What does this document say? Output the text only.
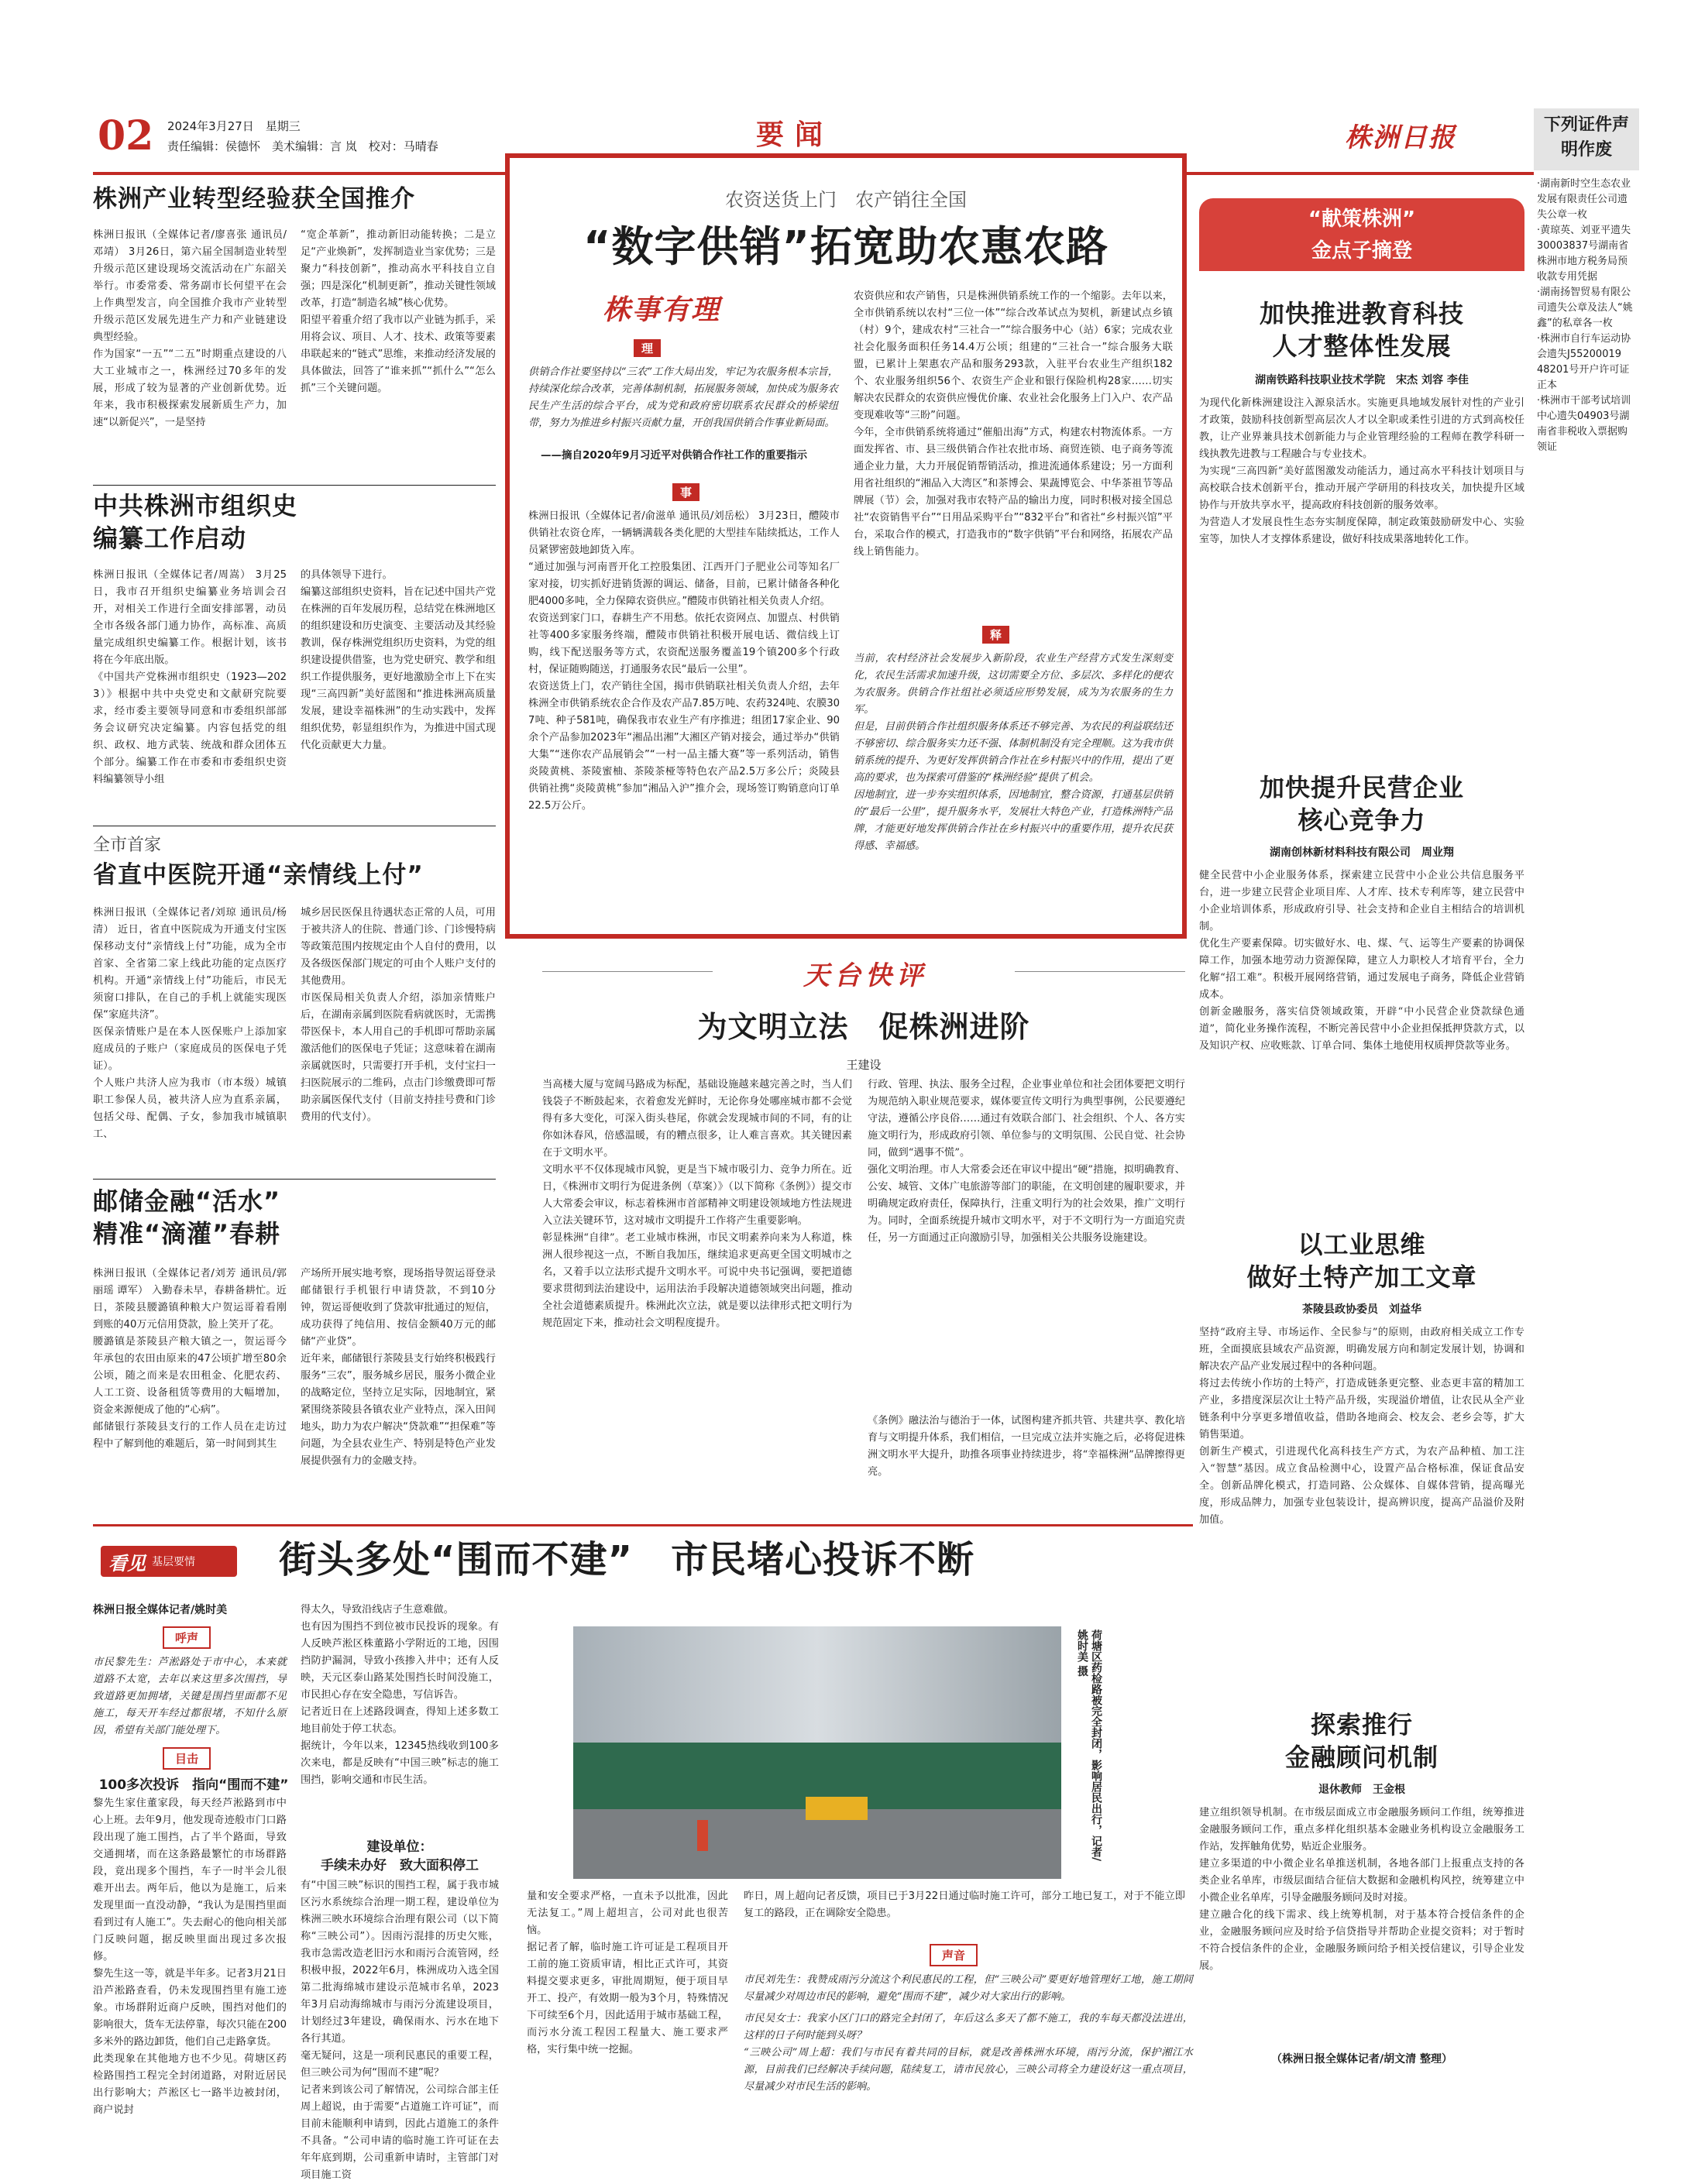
02 2024年3月27日　星期三
责任编辑：侯德怀　美术编辑：言 岚　校对：马晴春	要闻	株洲日报	下列证件声明作废
·湖南新时空生态农业发展有限责任公司遗失公章一枚
·黄琼英、刘亚平遗失30003837号湖南省株洲市地方税务局预收款专用凭据
·湖南扬智贸易有限公司遗失公章及法人“姚鑫”的私章各一枚
·株洲市自行车运动协会遗失J55200019 48201号开户许可证正本
·株洲市干部考试培训中心遗失04903号湖南省非税收入票据购领证
株洲产业转型经验获全国推介
株洲日报讯（全媒体记者/廖喜张 通讯员/邓靖） 3月26日，第六届全国制造业转型升级示范区建设现场交流活动在广东韶关举行。市委常委、常务副市长何望平在会上作典型发言，向全国推介我市产业转型升级示范区发展先进生产力和产业链建设典型经验。
作为国家“一五”“二五”时期重点建设的八大工业城市之一，株洲经过70多年的发展，形成了较为显著的产业创新优势。近年来，我市积极探索发展新质生产力，加速“以新促兴”，一是坚持
“宽企革新”，推动新旧动能转换；二是立足“产业焕新”，发挥制造业当家优势；三是聚力“科技创新”，推动高水平科技自立自强；四是深化“机制更新”，推动关键性领域改革，打造“制造名城”核心优势。
阳望平着重介绍了我市以产业链为抓手，采用将会议、项目、人才、技术、政策等要素串联起来的“链式”思维，来推动经济发展的具体做法，回答了“谁来抓”“抓什么”“怎么抓”三个关键问题。
中共株洲市组织史
编纂工作启动
株洲日报讯（全媒体记者/周嵩） 3月25日，我市召开组织史编纂业务培训会召开，对相关工作进行全面安排部署，动员全市各级各部门通力协作，高标准、高质量完成组织史编纂工作。根据计划，该书将在今年底出版。
《中国共产党株洲市组织史（1923—2023）》根据中共中央党史和文献研究院要求，经市委主要领导同意和市委组织部部务会议研究决定编纂。内容包括党的组织、政权、地方武装、统战和群众团体五个部分。编纂工作在市委和市委组织史资料编纂领导小组
的具体领导下进行。
编纂这部组织史资料，旨在记述中国共产党在株洲的百年发展历程，总结党在株洲地区的组织建设和历史演变、主要活动及其经验教训，保存株洲党组织历史资料，为党的组织建设提供借鉴，也为党史研究、教学和组织工作提供服务，更好地激励全市上下在实现“三高四新”美好蓝图和“推进株洲高质量发展，建设幸福株洲”的生动实践中，发挥组织优势，彰显组织作为，为推进中国式现代化贡献更大力量。
全市首家
省直中医院开通“亲情线上付”
株洲日报讯（全媒体记者/刘琼 通讯员/杨清） 近日，省直中医院成为开通支付宝医保移动支付“亲情线上付”功能，成为全市首家、全省第二家上线此功能的定点医疗机构。开通“亲情线上付”功能后，市民无须窗口排队，在自己的手机上就能实现医保“家庭共济”。
医保亲情账户是在本人医保账户上添加家庭成员的子账户（家庭成员的医保电子凭证）。
个人账户共济人应为我市（市本级）城镇职工参保人员，被共济人应为直系亲属，包括父母、配偶、子女，参加我市城镇职工、
城乡居民医保且待遇状态正常的人员，可用于被共济人的住院、普通门诊、门诊慢特病等政策范围内按规定由个人自付的费用，以及各级医保部门规定的可由个人账户支付的其他费用。
市医保局相关负责人介绍，添加亲情账户后，在湖南亲属到医院看病就医时，无需携带医保卡，本人用自己的手机即可帮助亲属激活他们的医保电子凭证；这意味着在湖南亲属就医时，只需要打开手机，支付宝扫一扫医院展示的二维码，点击门诊缴费即可帮助亲属医保代支付（目前支持挂号费和门诊费用的代支付）。
邮储金融“活水”
精准“滴灌”春耕
株洲日报讯（全媒体记者/刘芳 通讯员/郭丽瑶 谭军） 入勤春未早，春耕备耕忙。近日，茶陵县腰潞镇种粮大户贺运哥着看刚到账的40万元信用贷款，脸上笑开了花。
腰潞镇是茶陵县产粮大镇之一，贺运哥今年承包的农田由原来的47公顷扩增至80余公顷，随之而来是农田租金、化肥农药、人工工资、设备租赁等费用的大幅增加，资金来源便成了他的“心病”。
邮储银行茶陵县支行的工作人员在走访过程中了解到他的难题后，第一时间到其生
产场所开展实地考察，现场指导贺运哥登录邮储银行手机银行申请贷款，不到10分钟，贺运哥便收到了贷款审批通过的短信，成功获得了纯信用、按信金额40万元的邮储“产业贷”。
近年来，邮储银行茶陵县支行始终积极践行服务“三农”，服务城乡居民，服务小微企业的战略定位，坚持立足实际，因地制宜，紧紧围绕茶陵县各镇农业产业特点，深入田间地头，助力为农户解决“贷款难”“担保难”等问题，为全县农业生产、特别是特色产业发展提供强有力的金融支持。
农资送货上门　农产销往全国
“数字供销”拓宽助农惠农路
株事有理
理
供销合作社要坚持以“三农”工作大局出发，牢记为农服务根本宗旨，持续深化综合改革，完善体制机制，拓展服务领域，加快成为服务农民生产生活的综合平台，成为党和政府密切联系农民群众的桥梁纽带，努力为推进乡村振兴贡献力量，开创我国供销合作事业新局面。
——摘自2020年9月习近平对供销合作社工作的重要指示
事
株洲日报讯（全媒体记者/俞滋单 通讯员/刘岳松） 3月23日，醴陵市供销社农资仓库，一辆辆满载各类化肥的大型挂车陆续抵达，工作人员紧锣密鼓地卸货入库。
“通过加强与河南晋开化工控股集团、江西开门子肥业公司等知名厂家对接，切实抓好进销货源的调运、储备，目前，已累计储备各种化肥4000多吨，全力保障农资供应。”醴陵市供销社相关负责人介绍。
农资送到家门口，春耕生产不用愁。依托农资网点、加盟点、村供销社等400多家服务终端，醴陵市供销社积极开展电话、微信线上订购，线下配送服务等方式，农资配送服务覆盖19个镇200多个行政村，保证随购随送，打通服务农民“最后一公里”。
农资送货上门，农产销往全国，揭市供销联社相关负责人介绍，去年株洲全市供销系统农企合作及农产品7.85万吨、农药324吨、农膜307吨、种子581吨，确保我市农业生产有序推进；组团17家企业、90余个产品参加2023年“湘品出湘”大湘区产销对接会，通过举办“供销大集”“迷你农产品展销会”“一村一品主播大赛”等一系列活动，销售炎陵黄桃、茶陵蜜柚、茶陵茶桠等特色农产品2.5万多公斤；炎陵县供销社携“炎陵黄桃”参加“湘品入沪”推介会，现场签订购销意向订单22.5万公斤。
农资供应和农产销售，只是株洲供销系统工作的一个缩影。去年以来，全市供销系统以农村“三位一体”“综合改革试点为契机，新建试点乡镇（村）9个，建成农村“三社合一”“综合服务中心（站）6家；完成农业社会化服务面积任务14.4万公顷；组建的“三社合一”综合服务大联盟，已累计上架惠农产品和服务293款，入驻平台农业生产组织182个、农业服务组织56个、农资生产企业和银行保险机构28家……切实解决农民群众的农资供应慢优价廉、农业社会化服务上门入户、农产品变现难收等“三盼”问题。
今年，全市供销系统将通过“催船出海”方式，构建农村物流体系。一方面发挥省、市、县三级供销合作社农批市场、商贸连锁、电子商务等流通企业力量，大力开展促销帮销活动，推进流通体系建设；另一方面利用省社组织的“湘品入大湾区”和茶博会、果蔬博览会、中华茶祖节等品牌展（节）会，加强对我市农特产品的输出力度，同时积极对接全国总社“农资销售平台”“日用品采购平台”“832平台”和省社“乡村振兴馆”平台，采取合作的模式，打造我市的“数字供销”平台和网络，拓展农产品线上销售能力。
释
当前，农村经济社会发展步入新阶段，农业生产经营方式发生深刻变化，农民生活需求加速升级，这切需要全方位、多层次、多样化的便农为农服务。供销合作社组社必须适应形势发展，成为为农服务的生力军。
但是，目前供销合作社组织服务体系还不够完善、为农民的利益联结还不够密切、综合服务实力还不强、体制机制没有完全理顺。这为我市供销系统的提升、为更好发挥供销合作社在乡村振兴中的作用，提出了更高的要求，也为探索可借鉴的“株洲经验”提供了机会。
因地制宜，进一步夯实组织体系，因地制宜，整合资源，打通基层供销的“最后一公里”，提升服务水平，发展壮大特色产业，打造株洲特产品牌，才能更好地发挥供销合作社在乡村振兴中的重要作用，提升农民获得感、幸福感。
天台快评
为文明立法　促株洲进阶
王建设
当高楼大厦与宽阔马路成为标配，基础设施越来越完善之时，当人们钱袋子不断鼓起来，衣着愈发光鲜时，无论你身处哪座城市都不会觉得有多大变化，可深入街头巷尾，你就会发现城市间的不同，有的让你如沐春风，倍感温暖，有的糟点很多，让人难言喜欢。其关键因素在于文明水平。
文明水平不仅体现城市风貌，更是当下城市吸引力、竞争力所在。近日，《株洲市文明行为促进条例（草案）》（以下简称《条例》）提交市人大常委会审议，标志着株洲市首部精神文明建设领域地方性法规进入立法关键环节，这对城市文明提升工作将产生重要影响。
彰显株洲“自律”。老工业城市株洲，市民文明素养向来为人称道，株洲人很珍视这一点，不断自我加压，继续追求更高更全国文明城市之名，又着手以立法形式提升文明水平。可说中央书记强调，要把道德要求贯彻到法治建设中，运用法治手段解决道德领域突出问题，推动全社会道德素质提升。株洲此次立法，就是要以法律形式把文明行为规范固定下来，推动社会文明程度提升。
行政、管理、执法、服务全过程，企业事业单位和社会团体要把文明行为规范纳入职业规范要求，媒体要宣传文明行为典型事例，公民要遵纪守法，遵循公序良俗……通过有效联合部门、社会组织、个人、各方实施文明行为，形成政府引领、单位参与的文明氛围、公民自觉、社会协同，做到“遇事不慌”。
强化文明治理。市人大常委会还在审议中提出“硬”措施，拟明确教育、公安、城管、文体广电旅游等部门的职能，在文明创建的履职要求，并明确规定政府责任，保障执行，注重文明行为的社会效果，推广文明行为。同时，全面系统提升城市文明水平，对于不文明行为一方面追究责任，另一方面通过正向激励引导，加强相关公共服务设施建设。
《条例》融法治与德治于一体，试图构建齐抓共管、共建共享、教化培育与文明提升体系，我们相信，一旦完成立法并实施之后，必将促进株洲文明水平大提升，助推各项事业持续进步，将“幸福株洲”品牌擦得更亮。
“献策株洲”
金点子摘登
加快推进教育科技
人才整体性发展
湖南铁路科技职业技术学院　宋杰 刘容 李佳
为现代化新株洲建设注入源泉活水。实施更具地域发展针对性的产业引才政策，鼓励科技创新型高层次人才以全职或柔性引进的方式到高校任教，让产业界兼具技术创新能力与企业管理经验的工程师在教学科研一线执教先进教与工程融合与专业技术。
为实现“三高四新”美好蓝图激发动能活力，通过高水平科技计划项目与高校联合技术创新平台，推动开展产学研用的科技攻关，加快提升区域协作与开放共享水平，提高政府科技创新的服务效率。
为营造人才发展良性生态夯实制度保障，制定政策鼓励研发中心、实验室等，加快人才支撑体系建设，做好科技成果落地转化工作。
加快提升民营企业
核心竞争力
湖南创林新材料科技有限公司　周业翔
健全民营中小企业服务体系，探索建立民营中小企业公共信息服务平台，进一步建立民营企业项目库、人才库、技术专利库等，建立民营中小企业培训体系，形成政府引导、社会支持和企业自主相结合的培训机制。
优化生产要素保障。切实做好水、电、煤、气、运等生产要素的协调保障工作，加强本地劳动力资源保障，建立人力职校人才培育平台，全力化解“招工难”。积极开展网络营销，通过发展电子商务，降低企业营销成本。
创新金融服务，落实信贷领域政策，开辟“中小民营企业贷款绿色通道”，简化业务操作流程，不断完善民营中小企业担保抵押贷款方式，以及知识产权、应收账款、订单合同、集体土地使用权质押贷款等业务。
以工业思维
做好土特产加工文章
茶陵县政协委员　刘益华
坚持“政府主导、市场运作、全民参与”的原则，由政府相关成立工作专班，全面摸底县域农产品资源，明确发展方向和制定发展计划，协调和解决农产品产业发展过程中的各种问题。
将过去传统小作坊的土特产，打造成链条更完整、业态更丰富的精加工产业，多措度深层次让土特产品升级，实现溢价增值，让农民从全产业链条利中分享更多增值收益，借助各地商会、校友会、老乡会等，扩大销售渠道。
创新生产模式，引进现代化高科技生产方式，为农产品种植、加工注入“智慧”基因。成立食品检测中心，设置产品合格标准，保证食品安全。创新品牌化模式，打造同路、公众媒体、自媒体营销，提高曝光度，形成品牌力，加强专业包装设计，提高辨识度，提高产品溢价及附加值。
探索推行
金融顾问机制
退休教师　王金根
建立组织领导机制。在市级层面成立市金融服务顾问工作组，统筹推进金融服务顾问工作，重点多样化组织基本金融业务机构设立金融服务工作站，发挥触角优势，贴近企业服务。
建立多渠道的中小微企业名单推送机制，各地各部门上报重点支持的各类企业名单库，市级层面结合征信大数据和金融机构风控，统筹建立中小微企业名单库，引导金融服务顾问及时对接。
建立融合化的线下需求、线上统筹机制，对于基本符合授信条件的企业，金融服务顾问应及时给予信贷指导并帮助企业提交资料；对于暂时不符合授信条件的企业，金融服务顾问给予相关授信建议，引导企业发展。
（株洲日报全媒体记者/胡文清 整理）
看见 基层要情 街头多处“围而不建”　市民堵心投诉不断
株洲日报全媒体记者/姚时美
呼声
市民黎先生：芦淞路处于市中心，本来就道路不太宽，去年以来这里多次围挡，导致道路更加拥堵，关键是围挡里面都不见施工，每天开车经过都很堵，不知什么原因，希望有关部门能处理下。
目击
100多次投诉　指向“围而不建”
黎先生家住董家段，每天经芦淞路到市中心上班。去年9月，他发现奇迹般市门口路段出现了施工围挡，占了半个路面，导致交通拥堵，而在这条路最繁忙的市场群路段，竟出现多个围挡，车子一时半会儿很难开出去。两年后，他以为是施工，后来发现里面一直没动静，“我认为是围挡里面看到过有人施工”。失去耐心的他向相关部门反映问题，据反映里面出现过多次报修。
黎先生这一等，就是半年多。记者3月21日沿芦淞路查看，仍未发现围挡里有施工迹象。市场群附近商户反映，围挡对他们的影响很大，货车无法停靠，每次只能在200多米外的路边卸货，他们自己走路拿货。
此类现象在其他地方也不少见。荷塘区药检路围挡工程完全封闭道路，对附近居民出行影响大；芦淞区七一路半边被封闭，商户说封
得太久，导致沿线店子生意难做。
也有因为围挡不到位被市民投诉的现象。有人反映芦淞区株董路小学附近的工地，因围挡防护漏洞，导致小孩掺入井中；还有人反映，天元区泰山路某处围挡长时间没施工，市民担心存在安全隐患，写信诉告。
记者近日在上述路段调查，得知上述多数工地目前处于停工状态。
据统计，今年以来，12345热线收到100多次来电，都是反映有“中国三映”标志的施工围挡，影响交通和市民生活。
建设单位：
手续未办好　致大面积停工
有“中国三映”标识的围挡工程，属于我市城区污水系统综合治理一期工程，建设单位为株洲三映水环境综合治理有限公司（以下简称“三映公司”）。因雨污混排的历史欠账，我市急需改造老旧污水和雨污合流管网，经积极申报，2022年6月，株洲成功入选全国第二批海绵城市建设示范城市名单，2023年3月启动海绵城市与雨污分流建设项目，计划经过3年建设，确保雨水、污水在地下各行其道。
毫无疑问，这是一项利民惠民的重要工程，但三映公司为何“围而不建”呢？
记者来到该公司了解情况，公司综合部主任周上超说，由于需要“占道施工许可证”，而目前未能顺利申请到，因此占道施工的条件不具备。“公司申请的临时施工许可证在去年年底到期，公司重新申请时，主管部门对项目施工资
荷塘区药检路被完全封闭，影响居民出行，记者/姚时美 摄
量和安全要求严格，一直未予以批准，因此无法复工。”周上超坦言，公司对此也很苦恼。
据记者了解，临时施工许可证是工程项目开工前的施工资质审请，相比正式许可，其资料提交要求更多，审批周期短，便于项目早开工、投产，有效期一般为3个月，特殊情况下可续至6个月，因此适用于城市基础工程，而污水分流工程因工程量大、施工要求严格，实行集中统一挖掘。
昨日，周上超向记者反馈，项目已于3月22日通过临时施工许可，部分工地已复工，对于不能立即复工的路段，正在调除安全隐患。
声音
市民刘先生：我赞成雨污分流这个利民惠民的工程，但“三映公司”要更好地管理好工地，施工期间尽量减少对周边市民的影响，避免“围而不建”，减少对大家出行的影响。
市民吴女士：我家小区门口的路完全封闭了，年后这么多天了都不施工，我的车每天都没法进出，这样的日子何时能到头呀？
“三映公司”周上超：我们与市民有着共同的目标，就是改善株洲水环境，雨污分流，保护湘江水源，目前我们已经解决手续问题，陆续复工，请市民放心，三映公司将全力建设好这一重点项目，尽量减少对市民生活的影响。
